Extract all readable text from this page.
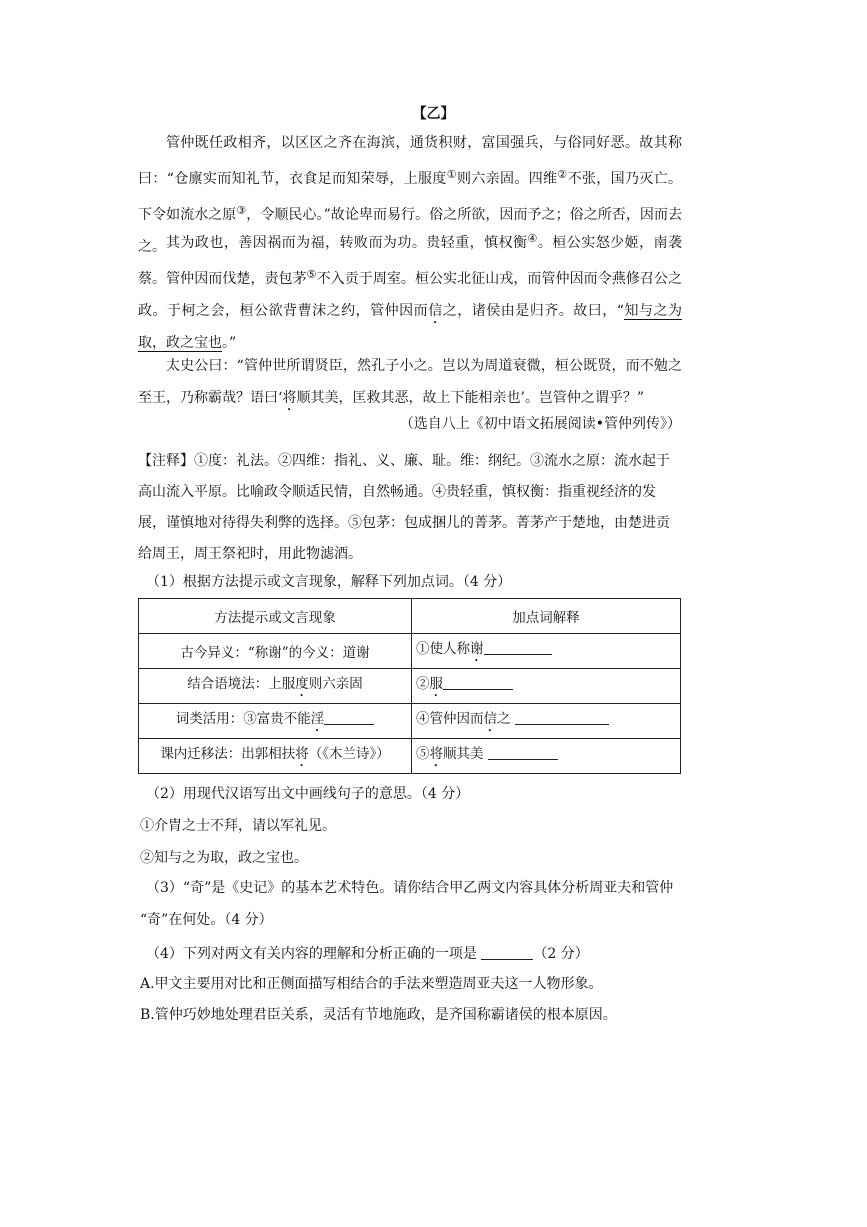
【乙】

管仲既任政相齐，以区区之齐在海滨，通货积财，富国强兵，与俗同好恶。故其称曰：“仓廪实而知礼节，衣食足而知荣辱，上服度①则六亲固。四维②不张，国乃灭亡。下令如流水之原③，令顺民心。”故论卑而易行。俗之所欲，因而予之；俗之所否，因而去之。 其为政也，善因祸而为福，转败而为功。贵轻重，慎权衡④。桓公实怒少姬，南袭蔡。管仲因而伐楚，责包茅⑤不入贡于周室。桓公实北征山戎，而管仲因而令燕修召公之政。于柯之会，桓公欲背曹沫之约，管仲因而信之，诸侯由是归齐。故曰，“知与之为取，政之宝也。”

太史公曰：“管仲世所谓贤臣，然孔子小之。岂以为周道衰微，桓公既贤，而不勉之至王，乃称霸哉？语曰‘将顺其美，匡救其恶，故上下能相亲也’。岂管仲之谓乎？”

（选自八上《初中语文拓展阅读•管仲列传》）
【注释】①度：礼法。②四维：指礼、义、廉、耻。维：纲纪。③流水之原：流水起于高山流入平原。比喻政令顺适民情，自然畅通。④贵轻重，慎权衡：指重视经济的发展，谨慎地对待得失利弊的选择。⑤包茅：包成捆儿的菁茅。菁茅产于楚地，由楚进贡给周王，周王祭祀时，用此物滤酒。
（1）根据方法提示或文言现象，解释下列加点词。（4 分）
方法提示或文言现象	加点词解释
古今异义：“称谢”的今义：道谢	①使人称谢
结合语境法：上服度则六亲固	②服
词类活用：③富贵不能淫	④管仲因而信之
课内迁移法：出郭相扶将（《木兰诗》）	⑤将顺其美
（2）用现代汉语写出文中画线句子的意思。（4 分）
①介胄之士不拜，请以军礼见。
②知与之为取，政之宝也。
（3）“奇”是《史记》的基本艺术特色。请你结合甲乙两文内容具体分析周亚夫和管仲
“奇”在何处。（4 分）
（4）下列对两文有关内容的理解和分析正确的一项是	（2 分）
A.甲文主要用对比和正侧面描写相结合的手法来塑造周亚夫这一人物形象。
B.管仲巧妙地处理君臣关系，灵活有节地施政，是齐国称霸诸侯的根本原因。
